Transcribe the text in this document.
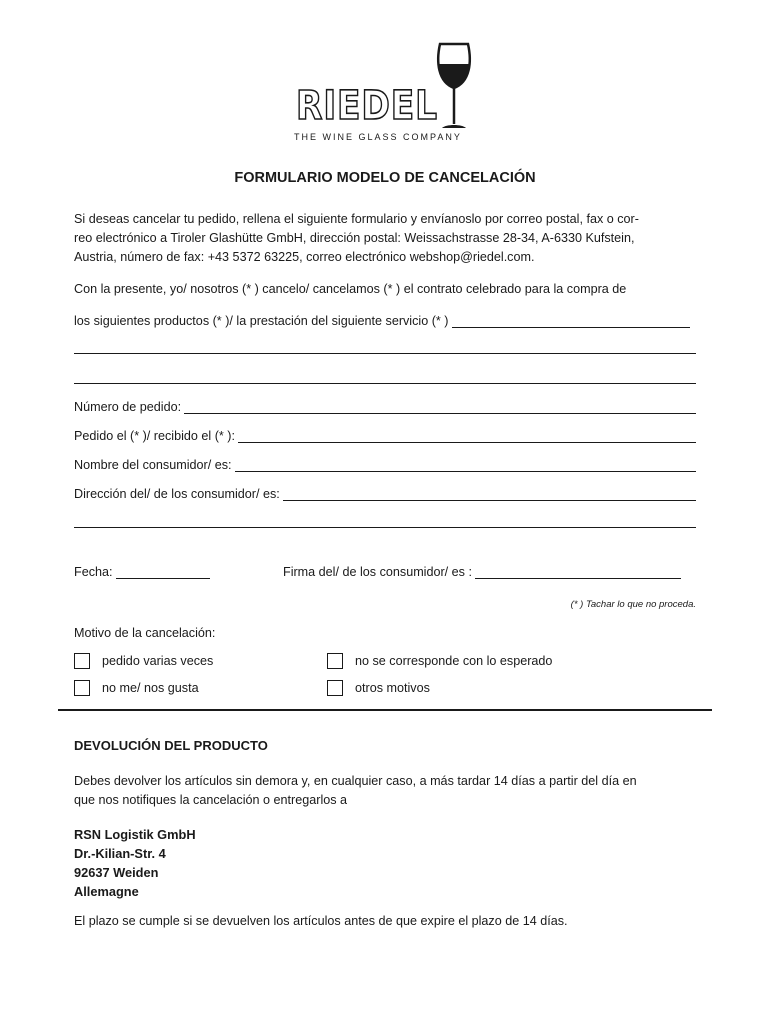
RIEDEL
THE WINE GLASS COMPANY
FORMULARIO MODELO DE CANCELACIÓN
Si deseas cancelar tu pedido, rellena el siguiente formulario y envíanoslo por correo postal, fax o cor-
reo electrónico a Tiroler Glashütte GmbH, dirección postal: Weissachstrasse 28-34, A-6330 Kufstein,
Austria, número de fax: +43 5372 63225, correo electrónico webshop@riedel.com.
Con la presente, yo/ nosotros (* ) cancelo/ cancelamos (* ) el contrato celebrado para la compra de
los siguientes productos (* )/ la prestación del siguiente servicio (* )
Número de pedido:
Pedido el (* )/ recibido el (* ):
Nombre del consumidor/ es:
Dirección del/ de los consumidor/ es:
Fecha:	Firma del/ de los consumidor/ es :
(* ) Tachar lo que no proceda.
Motivo de la cancelación:
pedido varias veces	no se corresponde con lo esperado
no me/ nos gusta	otros motivos
DEVOLUCIÓN DEL PRODUCTO
Debes devolver los artículos sin demora y, en cualquier caso, a más tardar 14 días a partir del día en
que nos notifiques la cancelación o entregarlos a
RSN Logistik GmbH
Dr.-Kilian-Str. 4
92637 Weiden
Allemagne
El plazo se cumple si se devuelven los artículos antes de que expire el plazo de 14 días.
